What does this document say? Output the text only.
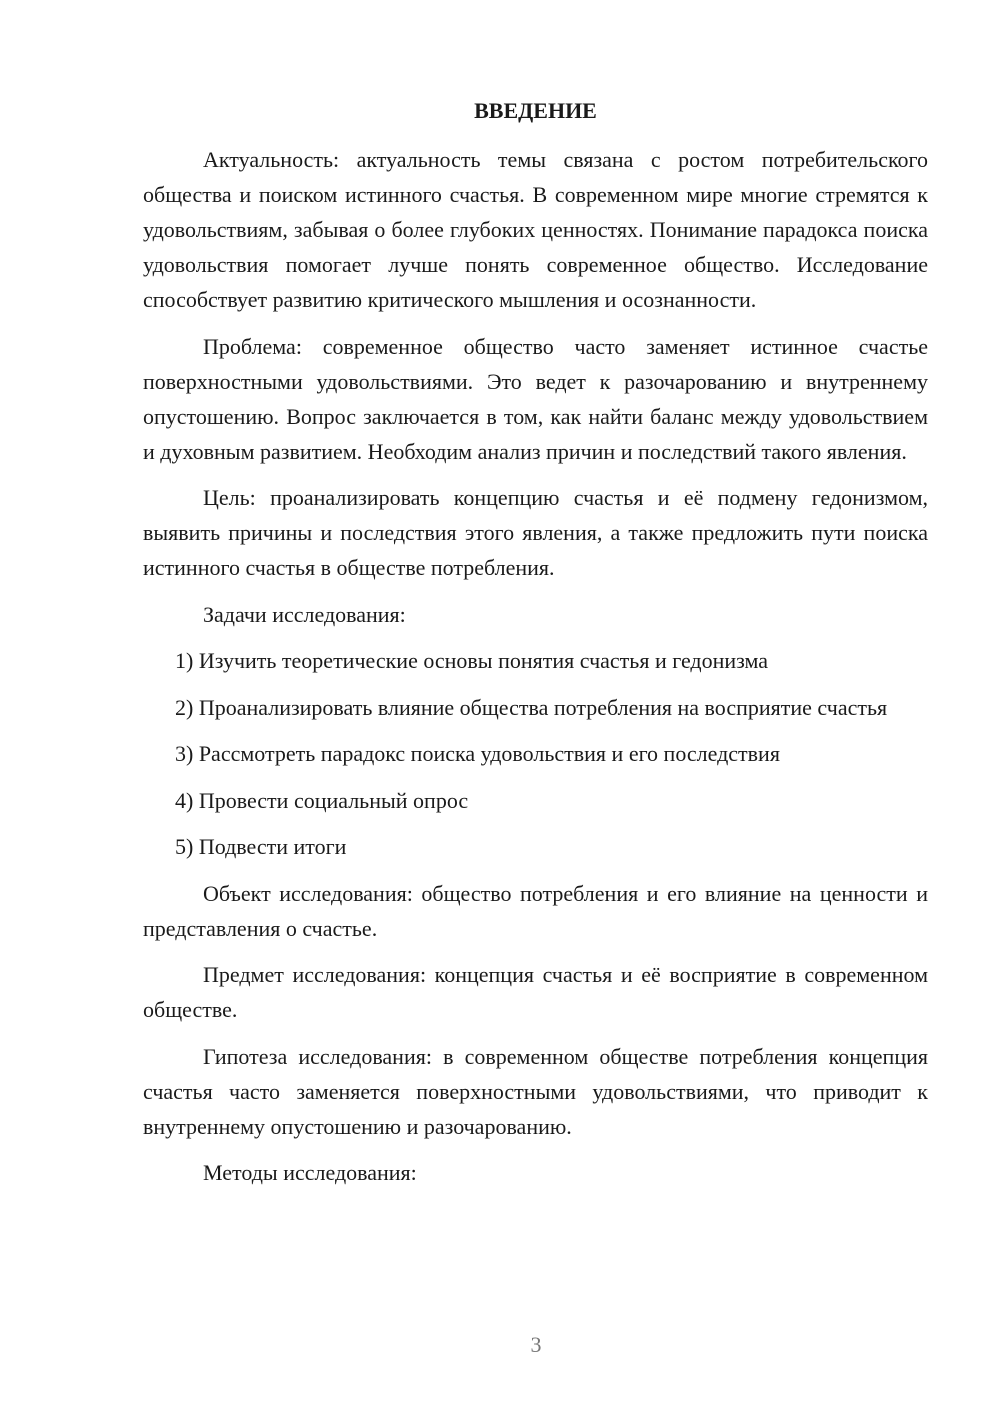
ВВЕДЕНИЕ

Актуальность: актуальность темы связана с ростом потребительского общества и поиском истинного счастья. В современном мире многие стремятся к удовольствиям, забывая о более глубоких ценностях. Понимание парадокса поиска удовольствия помогает лучше понять современное общество. Исследование способствует развитию критического мышления и осознанности.

Проблема: современное общество часто заменяет истинное счастье поверхностными удовольствиями. Это ведет к разочарованию и внутреннему опустошению. Вопрос заключается в том, как найти баланс между удовольствием и духовным развитием. Необходим анализ причин и последствий такого явления.

Цель: проанализировать концепцию счастья и её подмену гедонизмом, выявить причины и последствия этого явления, а также предложить пути поиска истинного счастья в обществе потребления.

Задачи исследования:

1) Изучить теоретические основы понятия счастья и гедонизма

2) Проанализировать влияние общества потребления на восприятие счастья

3) Рассмотреть парадокс поиска удовольствия и его последствия

4) Провести социальный опрос

5) Подвести итоги

Объект исследования: общество потребления и его влияние на ценности и представления о счастье.

Предмет исследования: концепция счастья и её восприятие в современном обществе.

Гипотеза исследования: в современном обществе потребления концепция счастья часто заменяется поверхностными удовольствиями, что приводит к внутреннему опустошению и разочарованию.

Методы исследования:

3
